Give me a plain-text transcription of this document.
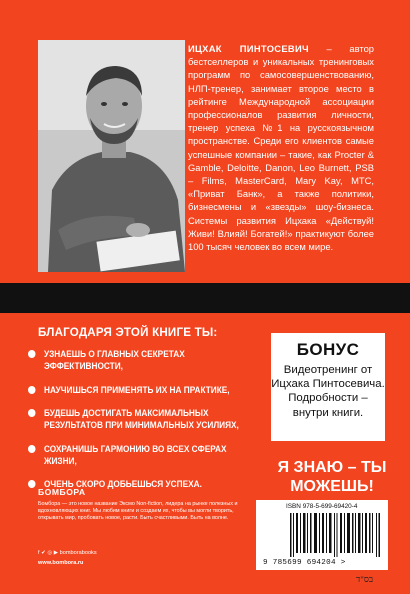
ИЦХАК ПИНТОСЕВИЧ – автор бестселлеров и уникальных тренинговых программ по самосовершенствованию, НЛП-тренер, занимает второе место в рейтинге Международной ассоциации профессионалов развития личности, тренер успеха №1 на русскоязычном пространстве. Среди его клиентов самые успешные компании – такие, как Procter & Gamble, Deloitte, Danon, Leo Burnett, PSB – Films, MasterCard, Mary Kay, МТС, «Приват Банк», а также политики, бизнесмены и «звезды» шоу-бизнеса. Системы развития Ицхака «Действуй! Живи! Влияй! Богатей!» практикуют более 100 тысяч человек во всем мире.
БЛАГОДАРЯ ЭТОЙ КНИГЕ ТЫ:
УЗНАЕШЬ О ГЛАВНЫХ СЕКРЕТАХ ЭФФЕКТИВНОСТИ,
НАУЧИШЬСЯ ПРИМЕНЯТЬ ИХ НА ПРАКТИКЕ,
БУДЕШЬ ДОСТИГАТЬ МАКСИМАЛЬНЫХ РЕЗУЛЬТАТОВ ПРИ МИНИМАЛЬНЫХ УСИЛИЯХ,
СОХРАНИШЬ ГАРМОНИЮ ВО ВСЕХ СФЕРАХ ЖИЗНИ,
ОЧЕНЬ СКОРО ДОБЬЕШЬСЯ УСПЕХА.
БОНУС
Видеотренинг от Ицхака Пинтосевича. Подробности – внутри книги.
Я ЗНАЮ – ТЫ МОЖЕШЬ!
БОМБОРА
Бомбора — это новое название Эксмо Non-fiction, лидера на рынке полезных и вдохновляющих книг. Мы любим книги и создаем их, чтобы вы могли творить, открывать мир, пробовать новое, расти. Быть счастливыми. Быть на волне.
f ✔ ◎ ▶ bomborabooks
www.bombora.ru
ISBN 978-5-699-69420-4
9 785699 694204 >
בס"ד
